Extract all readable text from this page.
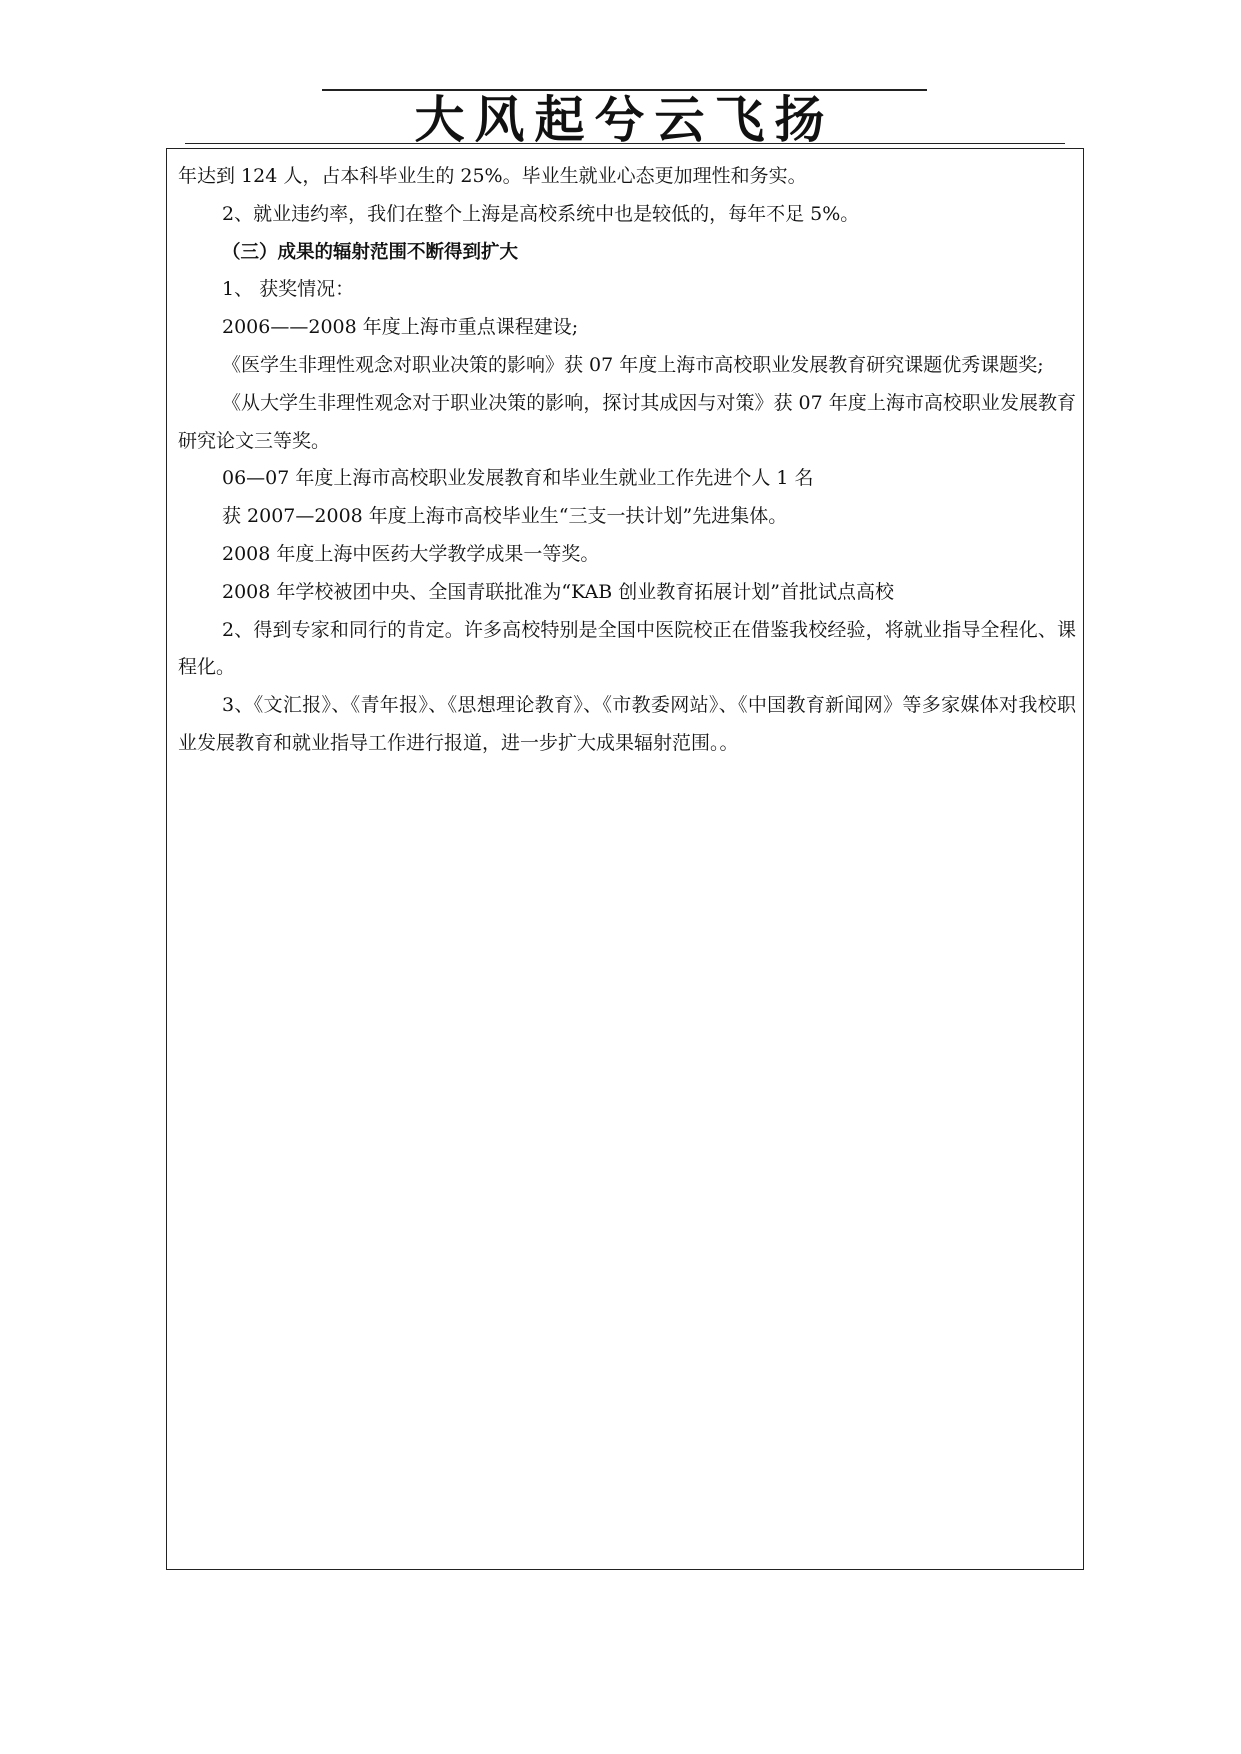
大风起兮云飞扬

年达到 124 人，占本科毕业生的 25%。毕业生就业心态更加理性和务实。

2、就业违约率，我们在整个上海是高校系统中也是较低的，每年不足 5%。

（三）成果的辐射范围不断得到扩大

1、 获奖情况：

2006——2008 年度上海市重点课程建设;

《医学生非理性观念对职业决策的影响》获 07 年度上海市高校职业发展教育研究课题优秀课题奖;

《从大学生非理性观念对于职业决策的影响，探讨其成因与对策》获 07 年度上海市高校职业发展教育研究论文三等奖。

06—07 年度上海市高校职业发展教育和毕业生就业工作先进个人 1 名

获 2007—2008 年度上海市高校毕业生“三支一扶计划”先进集体。

2008 年度上海中医药大学教学成果一等奖。

2008 年学校被团中央、全国青联批准为“KAB 创业教育拓展计划”首批试点高校

2、得到专家和同行的肯定。许多高校特别是全国中医院校正在借鉴我校经验，将就业指导全程化、课程化。

3、《文汇报》、《青年报》、《思想理论教育》、《市教委网站》、《中国教育新闻网》等多家媒体对我校职业发展教育和就业指导工作进行报道，进一步扩大成果辐射范围。。
